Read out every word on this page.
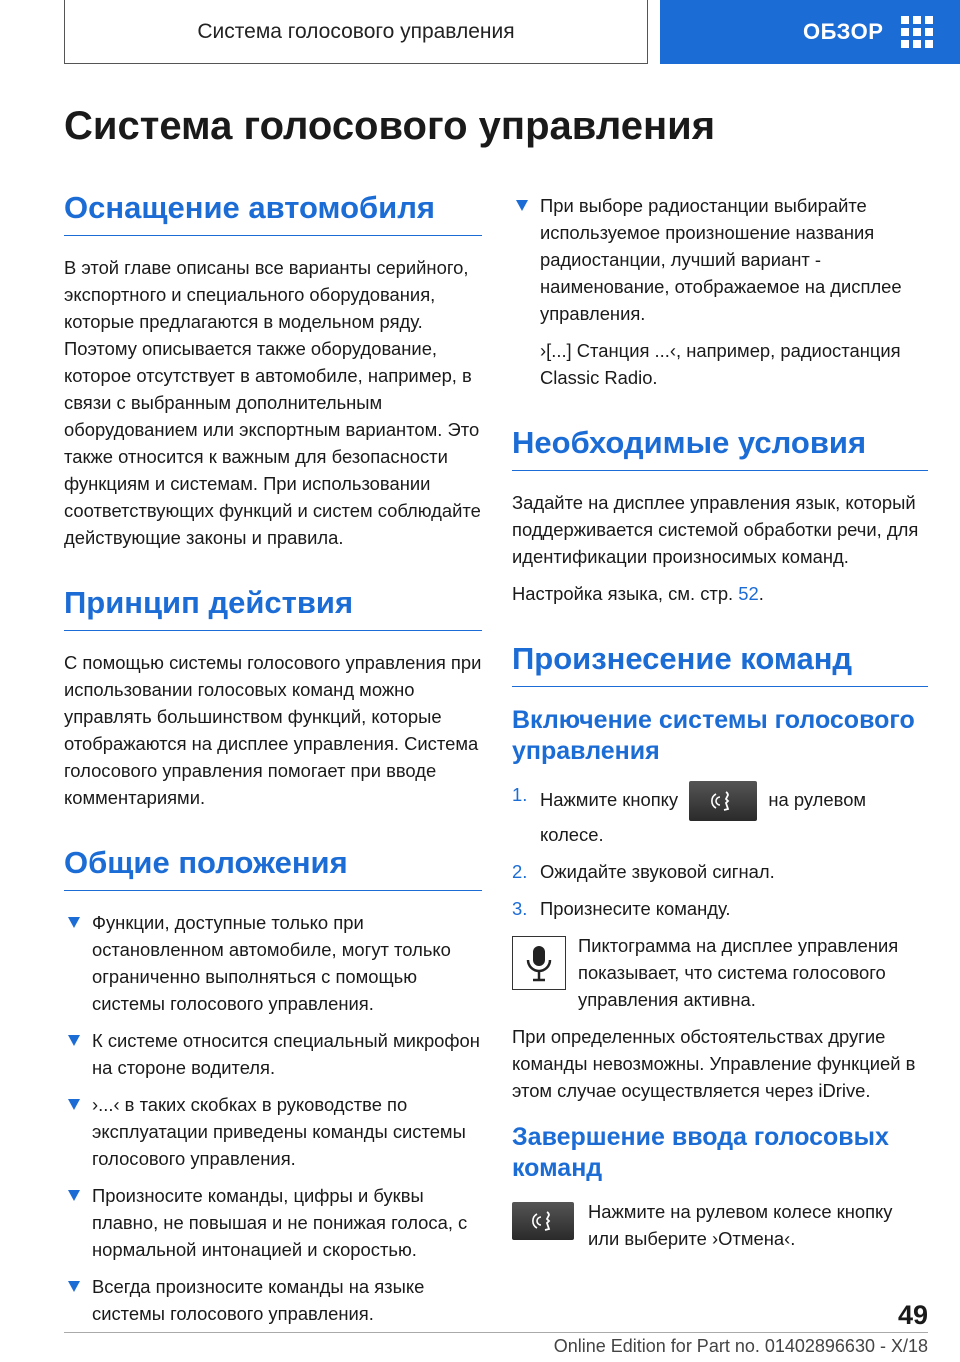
Система голосового управления	ОБЗОР
Система голосового управления
Оснащение автомобиля

В этой главе описаны все варианты серийного, экспортного и специального оборудования, которые предлагаются в модельном ряду. Поэтому описывается также оборудование, которое отсутствует в автомобиле, например, в связи с выбранным дополнительным оборудованием или экспортным вариантом. Это также относится к важным для безопасности функциям и системам. При использовании соответствующих функций и систем соблюдайте действующие законы и правила.

Принцип действия

С помощью системы голосового управления при использовании голосовых команд можно управлять большинством функций, которые отображаются на дисплее управления. Система голосового управления помогает при вводе комментариями.

Общие положения
Функции, доступные только при остановленном автомобиле, могут только ограниченно выполняться с помощью системы голосового управления.
К системе относится специальный микрофон на стороне водителя.
›...‹ в таких скобках в руководстве по эксплуатации приведены команды системы голосового управления.
Произносите команды, цифры и буквы плавно, не повышая и не понижая голоса, с нормальной интонацией и скоростью.
Всегда произносите команды на языке системы голосового управления.
При выборе радиостанции выбирайте используемое произношение названия радиостанции, лучший вариант - наименование, отображаемое на дисплее управления.

›[...] Станция ...‹, например, радиостанция Classic Radio.

Необходимые условия

Задайте на дисплее управления язык, который поддерживается системой обработки речи, для идентификации произносимых команд.

Настройка языка, см. стр. 52.

Произнесение команд
Включение системы голосового управления
1. Нажмите кнопку	на рулевом колесе.
2. Ожидайте звуковой сигнал.
3. Произнесите команду.

Пиктограмма на дисплее управления показывает, что система голосового управления активна.

При определенных обстоятельствах другие команды невозможны. Управление функцией в этом случае осуществляется через iDrive.

Завершение ввода голосовых команд

Нажмите на рулевом колесе кнопку или выберите ›Отмена‹.

49
Online Edition for Part no. 01402896630 - X/18
